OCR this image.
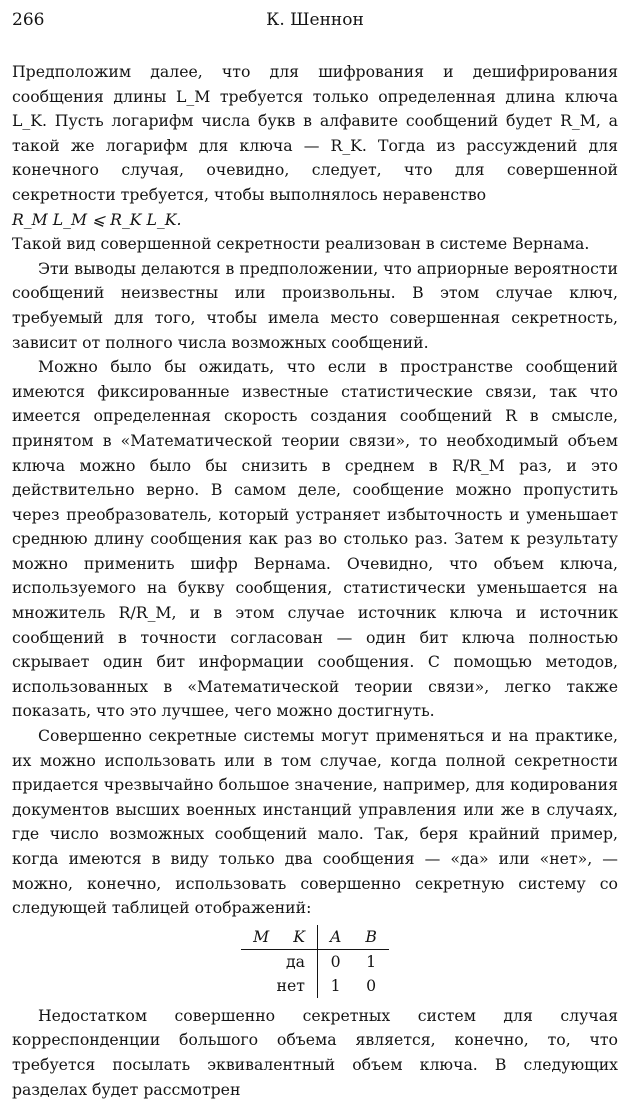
266	К. Шеннон

Предположим далее, что для шифрования и дешифрирования сообщения длины L_M требуется только определенная длина ключа L_K. Пусть логарифм числа букв в алфавите сообщений будет R_M, а такой же логарифм для ключа — R_K. Тогда из рассуждений для конечного случая, очевидно, следует, что для совершенной секретности требуется, чтобы выполнялось неравенство

R_M L_M ⩽ R_K L_K.

Такой вид совершенной секретности реализован в системе Вернама.

Эти выводы делаются в предположении, что априорные вероятности сообщений неизвестны или произвольны. В этом случае ключ, требуемый для того, чтобы имела место совершенная секретность, зависит от полного числа возможных сообщений.

Можно было бы ожидать, что если в пространстве сообщений имеются фиксированные известные статистические связи, так что имеется определенная скорость создания сообщений R в смысле, принятом в «Математической теории связи», то необходимый объем ключа можно было бы снизить в среднем в R/R_M раз, и это действительно верно. В самом деле, сообщение можно пропустить через преобразователь, который устраняет избыточность и уменьшает среднюю длину сообщения как раз во столько раз. Затем к результату можно применить шифр Вернама. Очевидно, что объем ключа, используемого на букву сообщения, статистически уменьшается на множитель R/R_M, и в этом случае источник ключа и источник сообщений в точности согласован — один бит ключа полностью скрывает один бит информации сообщения. С помощью методов, использованных в «Математической теории связи», легко также показать, что это лучшее, чего можно достигнуть.

Совершенно секретные системы могут применяться и на практике, их можно использовать или в том случае, когда полной секретности придается чрезвычайно большое значение, например, для кодирования документов высших военных инстанций управления или же в случаях, где число возможных сообщений мало. Так, беря крайний пример, когда имеются в виду только два сообщения — «да» или «нет», — можно, конечно, использовать совершенно секретную систему со следующей таблицей отображений:

M	K	A	B
да		0	1
нет		1	0

Недостатком совершенно секретных систем для случая корреспонденции большого объема является, конечно, то, что требуется посылать эквивалентный объем ключа. В следующих разделах будет рассмотрен
